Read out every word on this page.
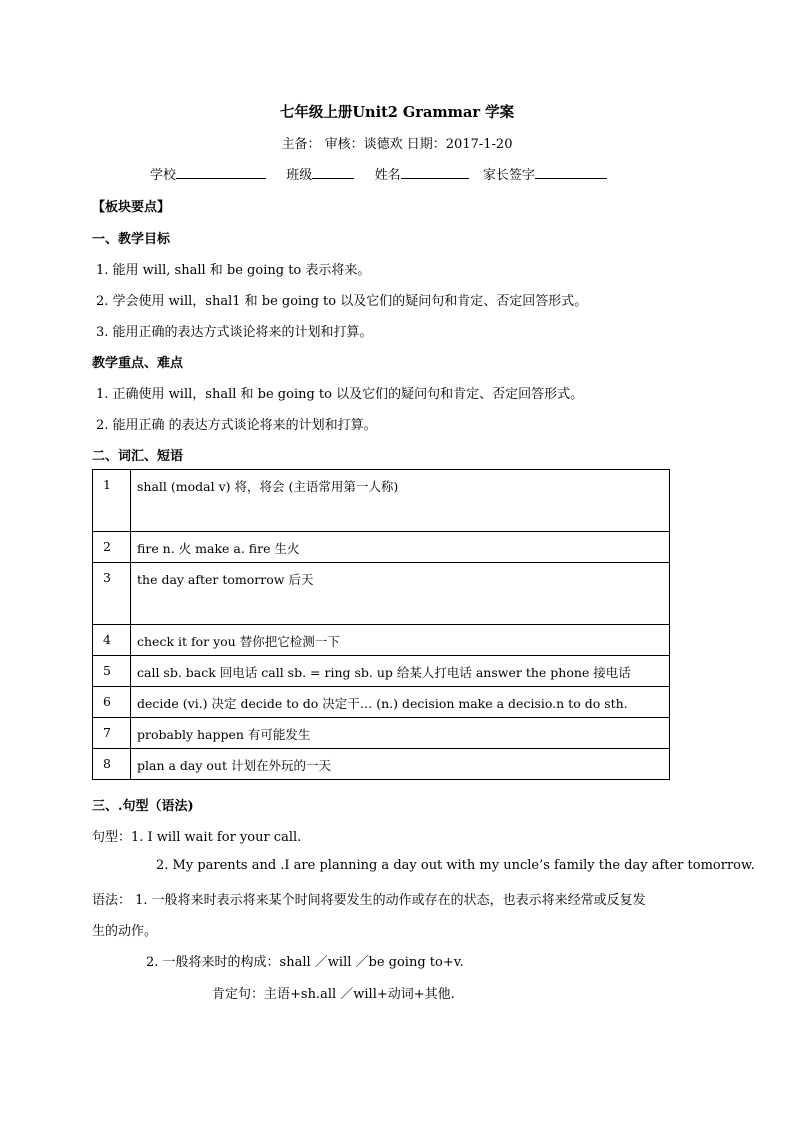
七年级上册Unit2 Grammar 学案
主备： 审核：谈德欢 日期：2017-1-20
学校	班级	姓名	家长签字
【板块要点】
一、教学目标
1. 能用 will, shall 和 be going to 表示将来。
2. 学会使用 will，shal1 和 be going to 以及它们的疑问句和肯定、否定回答形式。
3. 能用正确的表达方式谈论将来的计划和打算。
教学重点、难点
1. 正确使用 will，shall 和 be going to 以及它们的疑问句和肯定、否定回答形式。
2. 能用正确 的表达方式谈论将来的计划和打算。
二、词汇、短语
1	shall (modal v) 将，将会 (主语常用第一人称)
2	fire n. 火 make a. fire 生火
3	the day after tomorrow 后天
4	check it for you 替你把它检测一下
5	call sb. back 回电话 call sb. = ring sb. up 给某人打电话 answer the phone 接电话
6	decide (vi.) 决定 decide to do 决定干… (n.) decision make a decisio.n to do sth.
7	probably happen 有可能发生
8	plan a day out 计划在外玩的一天
三、.句型（语法)
句型：1. I will wait for your call.
2. My parents and .I are planning a day out with my uncle’s family the day after tomorrow.
语法： 1. 一般将来时表示将来某个时间将要发生的动作或存在的状态，也表示将来经常或反复发
生的动作。
2. 一般将来时的构成：shall ／will ／be going to+v.
肯定句：主语+sh.all ／will+动词+其他.
